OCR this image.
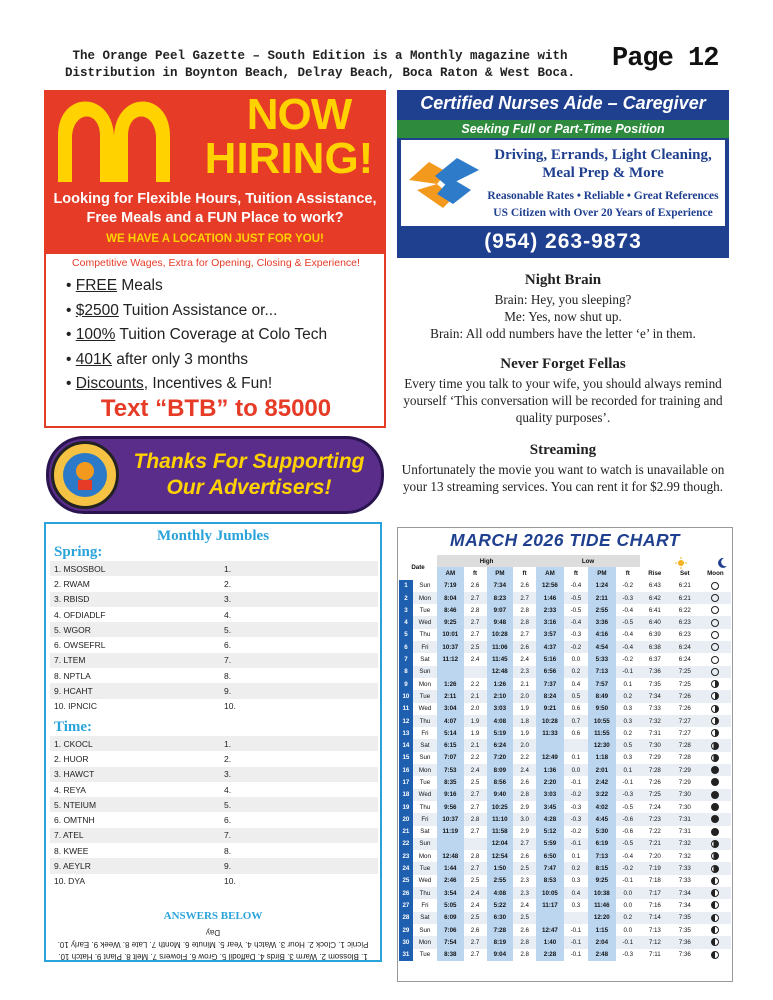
The Orange Peel Gazette – South Edition is a Monthly magazine with
Distribution in Boynton Beach, Delray Beach, Boca Raton & West Boca.	Page 12
NOW
HIRING!
Looking for Flexible Hours, Tuition Assistance, Free Meals and a FUN Place to work?
WE HAVE A LOCATION JUST FOR YOU!
Competitive Wages, Extra for Opening, Closing & Experience!
• FREE Meals
• $2500 Tuition Assistance or...
• 100% Tuition Coverage at Colo Tech
• 401K after only 3 months
• Discounts, Incentives & Fun!
Text “BTB” to 85000
Certified Nurses Aide – Caregiver
Seeking Full or Part-Time Position
Driving, Errands, Light Cleaning,
Meal Prep & More
Reasonable Rates • Reliable • Great References
US Citizen with Over 20 Years of Experience
(954) 263-9873
Night Brain

Brain: Hey, you sleeping?

Me: Yes, now shut up.

Brain: All odd numbers have the letter ‘e’ in them.

Never Forget Fellas

Every time you talk to your wife, you should always remind yourself ‘This conversation will be recorded for training and quality purposes’.

Streaming

Unfortunately the movie you want to watch is unavailable on your 13 streaming services. You can rent it for $2.99 though.

Thanks For Supporting
Our Advertisers!
Monthly Jumbles
Spring:
1. MSOSBOL	1.
2. RWAM	2.
3. RBISD	3.
4. OFDIADLF	4.
5. WGOR	5.
6. OWSEFRL	6.
7. LTEM	7.
8. NPTLA	8.
9. HCAHT	9.
10. IPNCIC	10.
Time:
1. CKOCL	1.
2. HUOR	2.
3. HAWCT	3.
4. REYA	4.
5. NTEIUM	5.
6. OMTNH	6.
7. ATEL	7.
8. KWEE	8.
9. AEYLR	9.
10. DYA	10.
ANSWERS BELOW
1. Blossom 2. Warm 3. Birds 4. Daffodil 5. Grow 6. Flowers 7. Melt 8. Plant 9. Hatch 10. Picnic 1. Clock 2. Hour 3. Watch 4. Year 5. Minute 6. Month 7. Late 8. Week 9. Early 10. Day
MARCH 2026 TIDE CHART
Date		High				Low						
		AM	ft	PM	ft	AM	ft	PM	ft	Rise	Set	Moon
1	Sun	7:19	2.6	7:34	2.6	12:56	-0.4	1:24	-0.2	6:43	6:21	
2	Mon	8:04	2.7	8:23	2.7	1:46	-0.5	2:11	-0.3	6:42	6:21	
3	Tue	8:46	2.8	9:07	2.8	2:33	-0.5	2:55	-0.4	6:41	6:22	
4	Wed	9:25	2.7	9:48	2.8	3:16	-0.4	3:36	-0.5	6:40	6:23	
5	Thu	10:01	2.7	10:28	2.7	3:57	-0.3	4:16	-0.4	6:39	6:23	
6	Fri	10:37	2.5	11:06	2.6	4:37	-0.2	4:54	-0.4	6:38	6:24	
7	Sat	11:12	2.4	11:45	2.4	5:16	0.0	5:33	-0.2	6:37	6:24	
8	Sun			12:48	2.3	6:56	0.2	7:13	-0.1	7:36	7:25	
9	Mon	1:26	2.2	1:26	2.1	7:37	0.4	7:57	0.1	7:35	7:25	
10	Tue	2:11	2.1	2:10	2.0	8:24	0.5	8:49	0.2	7:34	7:26	
11	Wed	3:04	2.0	3:03	1.9	9:21	0.6	9:50	0.3	7:33	7:26	
12	Thu	4:07	1.9	4:08	1.8	10:28	0.7	10:55	0.3	7:32	7:27	
13	Fri	5:14	1.9	5:19	1.9	11:33	0.6	11:55	0.2	7:31	7:27	
14	Sat	6:15	2.1	6:24	2.0			12:30	0.5	7:30	7:28	
15	Sun	7:07	2.2	7:20	2.2	12:49	0.1	1:18	0.3	7:29	7:28	
16	Mon	7:53	2.4	8:09	2.4	1:36	0.0	2:01	0.1	7:28	7:29	
17	Tue	8:35	2.5	8:56	2.6	2:20	-0.1	2:42	-0.1	7:26	7:29	
18	Wed	9:16	2.7	9:40	2.8	3:03	-0.2	3:22	-0.3	7:25	7:30	
19	Thu	9:56	2.7	10:25	2.9	3:45	-0.3	4:02	-0.5	7:24	7:30	
20	Fri	10:37	2.8	11:10	3.0	4:28	-0.3	4:45	-0.6	7:23	7:31	
21	Sat	11:19	2.7	11:58	2.9	5:12	-0.2	5:30	-0.6	7:22	7:31	
22	Sun			12:04	2.7	5:59	-0.1	6:19	-0.5	7:21	7:32	
23	Mon	12:48	2.8	12:54	2.6	6:50	0.1	7:13	-0.4	7:20	7:32	
24	Tue	1:44	2.7	1:50	2.5	7:47	0.2	8:15	-0.2	7:19	7:33	
25	Wed	2:46	2.5	2:55	2.3	8:53	0.3	9:25	-0.1	7:18	7:33	
26	Thu	3:54	2.4	4:08	2.3	10:05	0.4	10:38	0.0	7:17	7:34	
27	Fri	5:05	2.4	5:22	2.4	11:17	0.3	11:46	0.0	7:16	7:34	
28	Sat	6:09	2.5	6:30	2.5			12:20	0.2	7:14	7:35	
29	Sun	7:06	2.6	7:28	2.6	12:47	-0.1	1:15	0.0	7:13	7:35	
30	Mon	7:54	2.7	8:19	2.8	1:40	-0.1	2:04	-0.1	7:12	7:36	
31	Tue	8:38	2.7	9:04	2.8	2:28	-0.1	2:48	-0.3	7:11	7:36	
